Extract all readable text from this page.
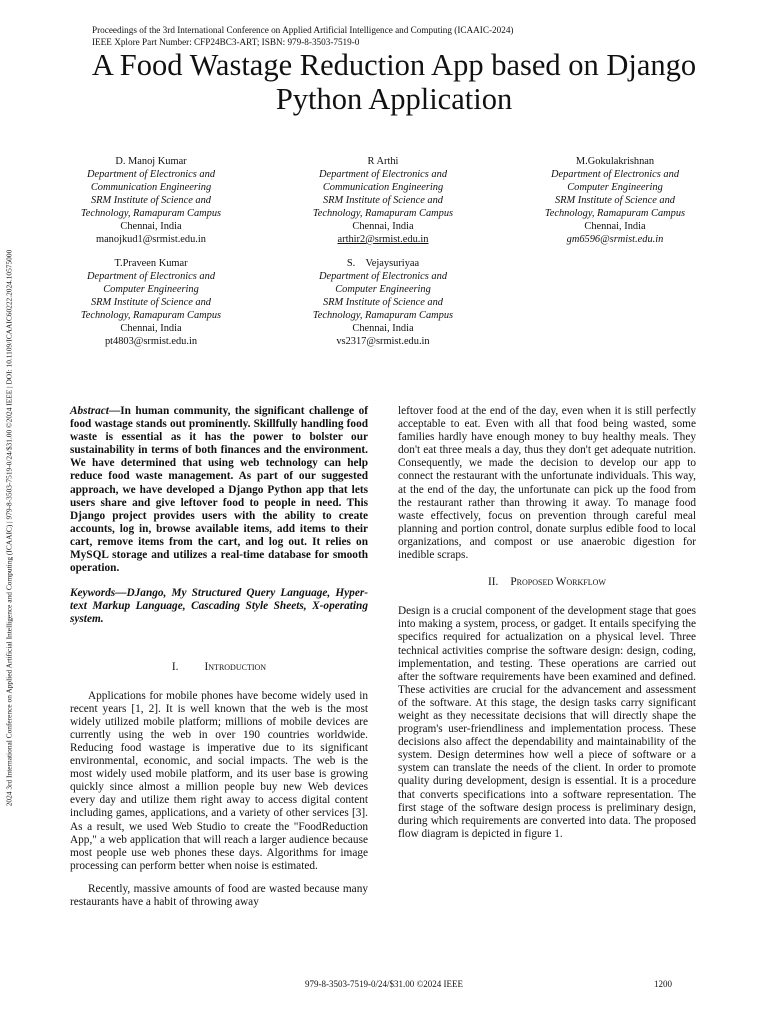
Proceedings of the 3rd International Conference on Applied Artificial Intelligence and Computing (ICAAIC-2024)
IEEE Xplore Part Number: CFP24BC3-ART; ISBN: 979-8-3503-7519-0
A Food Wastage Reduction App based on Django
Python Application
2024 3rd International Conference on Applied Artificial Intelligence and Computing (ICAAIC) | 979-8-3503-7519-0/24/$31.00 ©2024 IEEE | DOI: 10.1109/ICAAIC60222.2024.10575000
D. Manoj Kumar
Department of Electronics and
Communication Engineering
SRM Institute of Science and
Technology, Ramapuram Campus
Chennai, India
manojkud1@srmist.edu.in
R Arthi
Department of Electronics and
Communication Engineering
SRM Institute of Science and
Technology, Ramapuram Campus
Chennai, India
arthir2@srmist.edu.in
M.Gokulakrishnan
Department of Electronics and
Computer Engineering
SRM Institute of Science and
Technology, Ramapuram Campus
Chennai, India
gm6596@srmist.edu.in
T.Praveen Kumar
Department of Electronics and
Computer Engineering
SRM Institute of Science and
Technology, Ramapuram Campus
Chennai, India
pt4803@srmist.edu.in
S.    Vejaysuriyaa
Department of Electronics and
Computer Engineering
SRM Institute of Science and
Technology, Ramapuram Campus
Chennai, India
vs2317@srmist.edu.in

Abstract—In human community, the significant challenge of food wastage stands out prominently. Skillfully handling food waste is essential as it has the power to bolster our sustainability in terms of both finances and the environment. We have determined that using web technology can help reduce food waste management. As part of our suggested approach, we have developed a Django Python app that lets users share and give leftover food to people in need. This Django project provides users with the ability to create accounts, log in, browse available items, add items to their cart, remove items from the cart, and log out. It relies on MySQL storage and utilizes a real-time database for smooth operation.

Keywords—DJango, My Structured Query Language, Hyper-text Markup Language, Cascading Style Sheets, X-operating system.

I. Introduction

Applications for mobile phones have become widely used in recent years [1, 2]. It is well known that the web is the most widely utilized mobile platform; millions of mobile devices are currently using the web in over 190 countries worldwide. Reducing food wastage is imperative due to its significant environmental, economic, and social impacts. The web is the most widely used mobile platform, and its user base is growing quickly since almost a million people buy new Web devices every day and utilize them right away to access digital content including games, applications, and a variety of other services [3]. As a result, we used Web Studio to create the "FoodReduction App," a web application that will reach a larger audience because most people use web phones these days. Algorithms for image processing can perform better when noise is estimated.

Recently, massive amounts of food are wasted because many restaurants have a habit of throwing away

leftover food at the end of the day, even when it is still perfectly acceptable to eat. Even with all that food being wasted, some families hardly have enough money to buy healthy meals. They don't eat three meals a day, thus they don't get adequate nutrition. Consequently, we made the decision to develop our app to connect the restaurant with the unfortunate individuals. This way, at the end of the day, the unfortunate can pick up the food from the restaurant rather than throwing it away. To manage food waste effectively, focus on prevention through careful meal planning and portion control, donate surplus edible food to local organizations, and compost or use anaerobic digestion for inedible scraps.

II. Proposed Workflow

Design is a crucial component of the development stage that goes into making a system, process, or gadget. It entails specifying the specifics required for actualization on a physical level. Three technical activities comprise the software design: design, coding, implementation, and testing. These operations are carried out after the software requirements have been examined and defined. These activities are crucial for the advancement and assessment of the software. At this stage, the design tasks carry significant weight as they necessitate decisions that will directly shape the program's user-friendliness and implementation process. These decisions also affect the dependability and maintainability of the system. Design determines how well a piece of software or a system can translate the needs of the client. In order to promote quality during development, design is essential. It is a procedure that converts specifications into a software representation. The first stage of the software design process is preliminary design, during which requirements are converted into data. The proposed flow diagram is depicted in figure 1.

979-8-3503-7519-0/24/$31.00 ©2024 IEEE	1200
